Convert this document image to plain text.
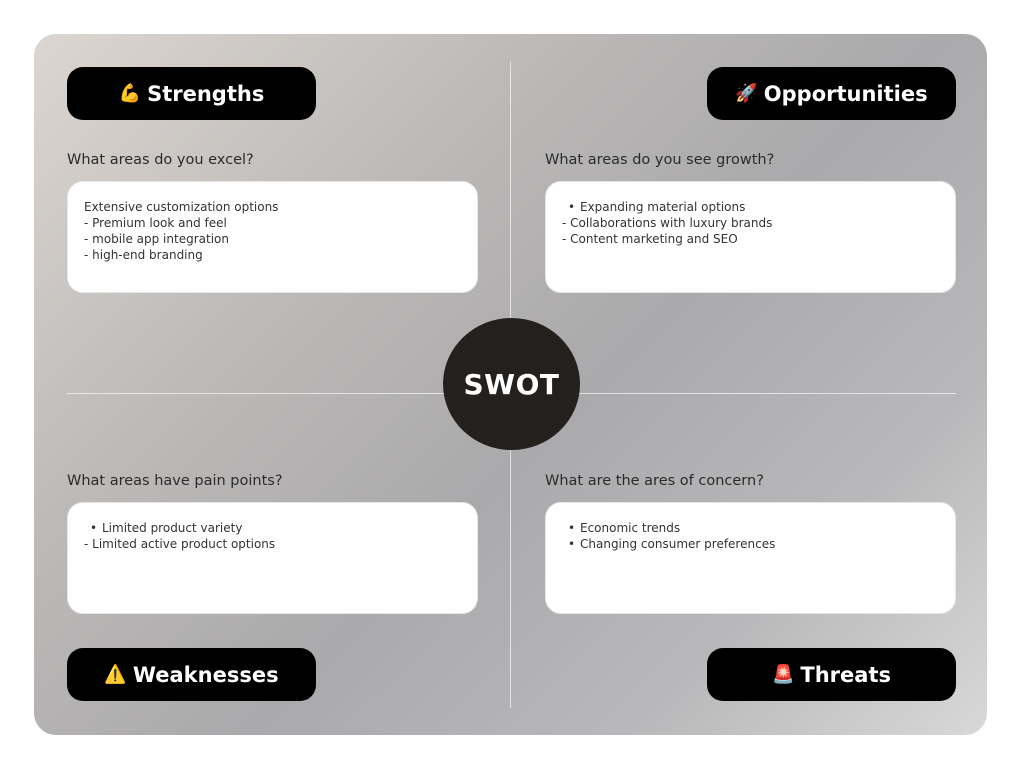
💪 Strengths
What areas do you excel?
Extensive customization options
- Premium look and feel
- mobile app integration
- high-end branding
🚀 Opportunities
What areas do you see growth?
• Expanding material options
- Collaborations with luxury brands
- Content marketing and SEO
SWOT
What areas have pain points?
• Limited product variety
- Limited active product options
⚠️ Weaknesses
What are the ares of concern?
• Economic trends
• Changing consumer preferences
🚨 Threats
